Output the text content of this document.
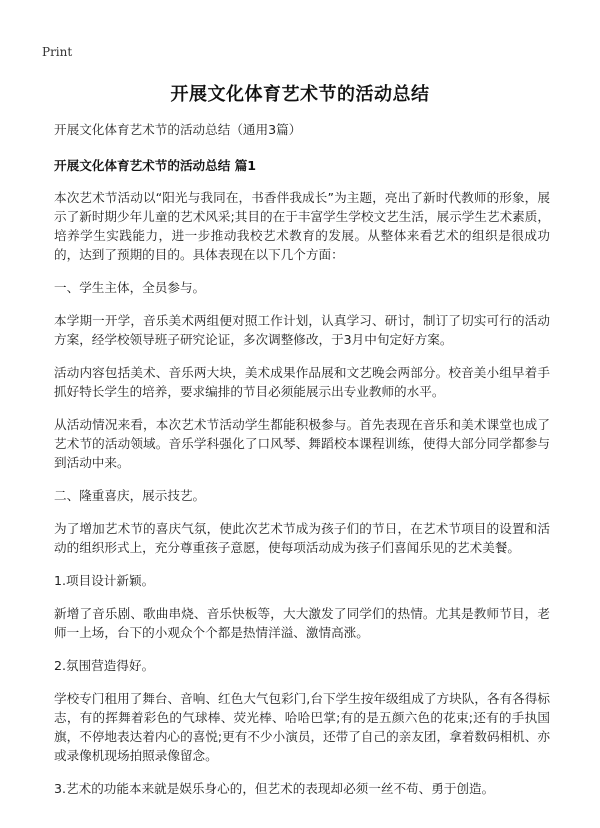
Print
开展文化体育艺术节的活动总结

开展文化体育艺术节的活动总结（通用3篇）

开展文化体育艺术节的活动总结 篇1

本次艺术节活动以“阳光与我同在，书香伴我成长”为主题，亮出了新时代教师的形象，展示了新时期少年儿童的艺术风采;其目的在于丰富学生学校文艺生活，展示学生艺术素质，培养学生实践能力，进一步推动我校艺术教育的发展。从整体来看艺术的组织是很成功的，达到了预期的目的。具体表现在以下几个方面：

一、学生主体，全员参与。

本学期一开学，音乐美术两组便对照工作计划，认真学习、研讨，制订了切实可行的活动方案，经学校领导班子研究论证，多次调整修改，于3月中旬定好方案。

活动内容包括美术、音乐两大块，美术成果作品展和文艺晚会两部分。校音美小组早着手抓好特长学生的培养，要求编排的节目必须能展示出专业教师的水平。

从活动情况来看，本次艺术节活动学生都能积极参与。首先表现在音乐和美术课堂也成了艺术节的活动领域。音乐学科强化了口风琴、舞蹈校本课程训练，使得大部分同学都参与到活动中来。

二、隆重喜庆，展示技艺。

为了增加艺术节的喜庆气氛，使此次艺术节成为孩子们的节日，在艺术节项目的设置和活动的组织形式上，充分尊重孩子意愿，使每项活动成为孩子们喜闻乐见的艺术美餐。

1.项目设计新颖。

新增了音乐剧、歌曲串烧、音乐快板等，大大激发了同学们的热情。尤其是教师节目，老师一上场，台下的小观众个个都是热情洋溢、激情高涨。

2.氛围营造得好。

学校专门租用了舞台、音响、红色大气包彩门,台下学生按年级组成了方块队，各有各得标志，有的挥舞着彩色的气球棒、荧光棒、哈哈巴掌;有的是五颜六色的花束;还有的手执国旗，不停地表达着内心的喜悦;更有不少小演员，还带了自己的亲友团，拿着数码相机、亦或录像机现场拍照录像留念。

3.艺术的功能本来就是娱乐身心的，但艺术的表现却必须一丝不苟、勇于创造。
